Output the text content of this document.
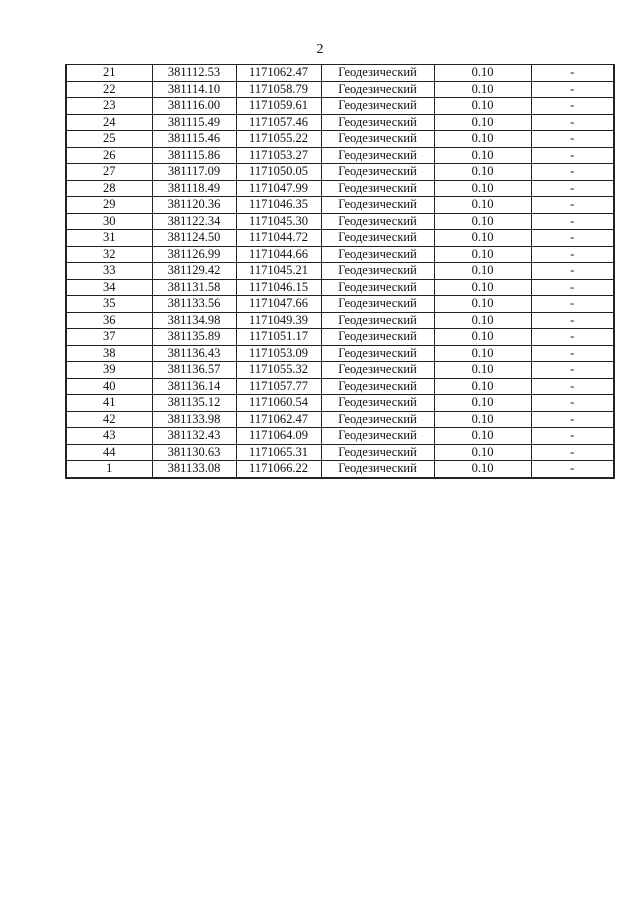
2
21	381112.53	1171062.47	Геодезический	0.10	-
22	381114.10	1171058.79	Геодезический	0.10	-
23	381116.00	1171059.61	Геодезический	0.10	-
24	381115.49	1171057.46	Геодезический	0.10	-
25	381115.46	1171055.22	Геодезический	0.10	-
26	381115.86	1171053.27	Геодезический	0.10	-
27	381117.09	1171050.05	Геодезический	0.10	-
28	381118.49	1171047.99	Геодезический	0.10	-
29	381120.36	1171046.35	Геодезический	0.10	-
30	381122.34	1171045.30	Геодезический	0.10	-
31	381124.50	1171044.72	Геодезический	0.10	-
32	381126.99	1171044.66	Геодезический	0.10	-
33	381129.42	1171045.21	Геодезический	0.10	-
34	381131.58	1171046.15	Геодезический	0.10	-
35	381133.56	1171047.66	Геодезический	0.10	-
36	381134.98	1171049.39	Геодезический	0.10	-
37	381135.89	1171051.17	Геодезический	0.10	-
38	381136.43	1171053.09	Геодезический	0.10	-
39	381136.57	1171055.32	Геодезический	0.10	-
40	381136.14	1171057.77	Геодезический	0.10	-
41	381135.12	1171060.54	Геодезический	0.10	-
42	381133.98	1171062.47	Геодезический	0.10	-
43	381132.43	1171064.09	Геодезический	0.10	-
44	381130.63	1171065.31	Геодезический	0.10	-
1	381133.08	1171066.22	Геодезический	0.10	-
